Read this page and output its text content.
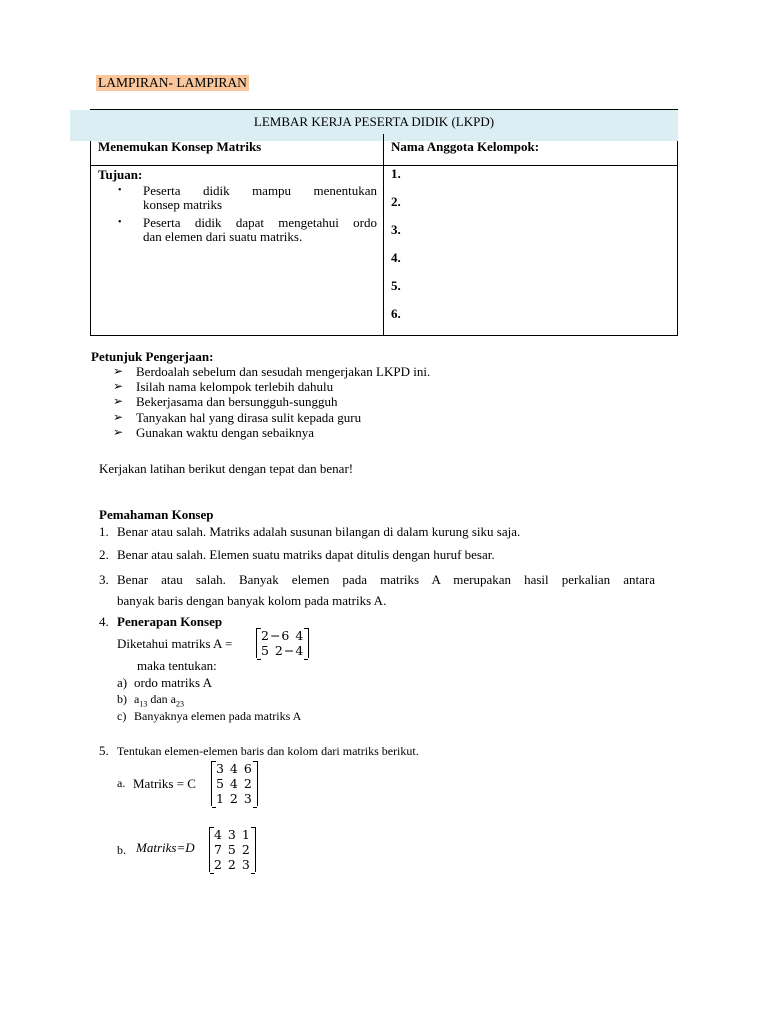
LAMPIRAN- LAMPIRAN
LEMBAR KERJA PESERTA DIDIK (LKPD)
Menemukan Konsep Matriks	Nama Anggota Kelompok:
Tujuan:
• Peserta didik mampu menentukan
konsep matriks
• Peserta didik dapat mengetahui ordo
dan elemen dari suatu matriks.
1.
2.
3.
4.
5.
6.
Petunjuk Pengerjaan:
➢ Berdoalah sebelum dan sesudah mengerjakan LKPD ini.
➢ Isilah nama kelompok terlebih dahulu
➢ Bekerjasama dan bersungguh-sungguh
➢ Tanyakan hal yang dirasa sulit kepada guru
➢ Gunakan waktu dengan sebaiknya
Kerjakan latihan berikut dengan tepat dan benar!
Pemahaman Konsep
1. Benar atau salah. Matriks adalah susunan bilangan di dalam kurung siku saja.
2. Benar atau salah. Elemen suatu matriks dapat ditulis dengan huruf besar.
3. Benar atau salah. Banyak elemen pada matriks A merupakan hasil perkalian antara
banyak baris dengan banyak kolom pada matriks A.
4. Penerapan Konsep
Diketahui matriks A =
2−6 4
5 2−4
maka tentukan:
a) ordo matriks A
b) $a_{13}$ dan $a_{23}$
c) Banyaknya elemen pada matriks A
5. Tentukan elemen-elemen baris dan kolom dari matriks berikut.
a. Matriks = C
3 4 6
5 4 2
1 2 3
b. Matriks=D
4 3 1
7 5 2
2 2 3
